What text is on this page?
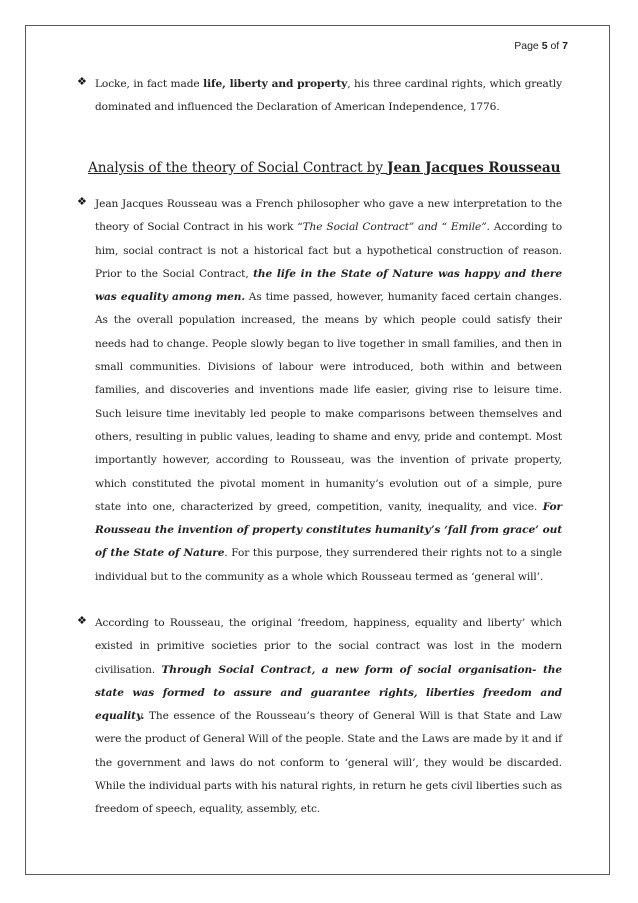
Page 5 of 7
❖ Locke, in fact made life, liberty and property, his three cardinal rights, which greatly dominated and influenced the Declaration of American Independence, 1776.
Analysis of the theory of Social Contract by Jean Jacques Rousseau
❖ Jean Jacques Rousseau was a French philosopher who gave a new interpretation to the theory of Social Contract in his work “The Social Contract” and “ Emile”. According to him, social contract is not a historical fact but a hypothetical construction of reason. Prior to the Social Contract, the life in the State of Nature was happy and there was equality among men. As time passed, however, humanity faced certain changes. As the overall population increased, the means by which people could satisfy their needs had to change. People slowly began to live together in small families, and then in small communities. Divisions of labour were introduced, both within and between families, and discoveries and inventions made life easier, giving rise to leisure time. Such leisure time inevitably led people to make comparisons between themselves and others, resulting in public values, leading to shame and envy, pride and contempt. Most importantly however, according to Rousseau, was the invention of private property, which constituted the pivotal moment in humanity’s evolution out of a simple, pure state into one, characterized by greed, competition, vanity, inequality, and vice. For Rousseau the invention of property constitutes humanity’s ‘fall from grace’ out of the State of Nature. For this purpose, they surrendered their rights not to a single individual but to the community as a whole which Rousseau termed as ‘general will’.
❖ According to Rousseau, the original ‘freedom, happiness, equality and liberty’ which existed in primitive societies prior to the social contract was lost in the modern civilisation. Through Social Contract, a new form of social organisation- the state was formed to assure and guarantee rights, liberties freedom and equality. The essence of the Rousseau’s theory of General Will is that State and Law were the product of General Will of the people. State and the Laws are made by it and if the government and laws do not conform to ‘general will’, they would be discarded. While the individual parts with his natural rights, in return he gets civil liberties such as freedom of speech, equality, assembly, etc.
